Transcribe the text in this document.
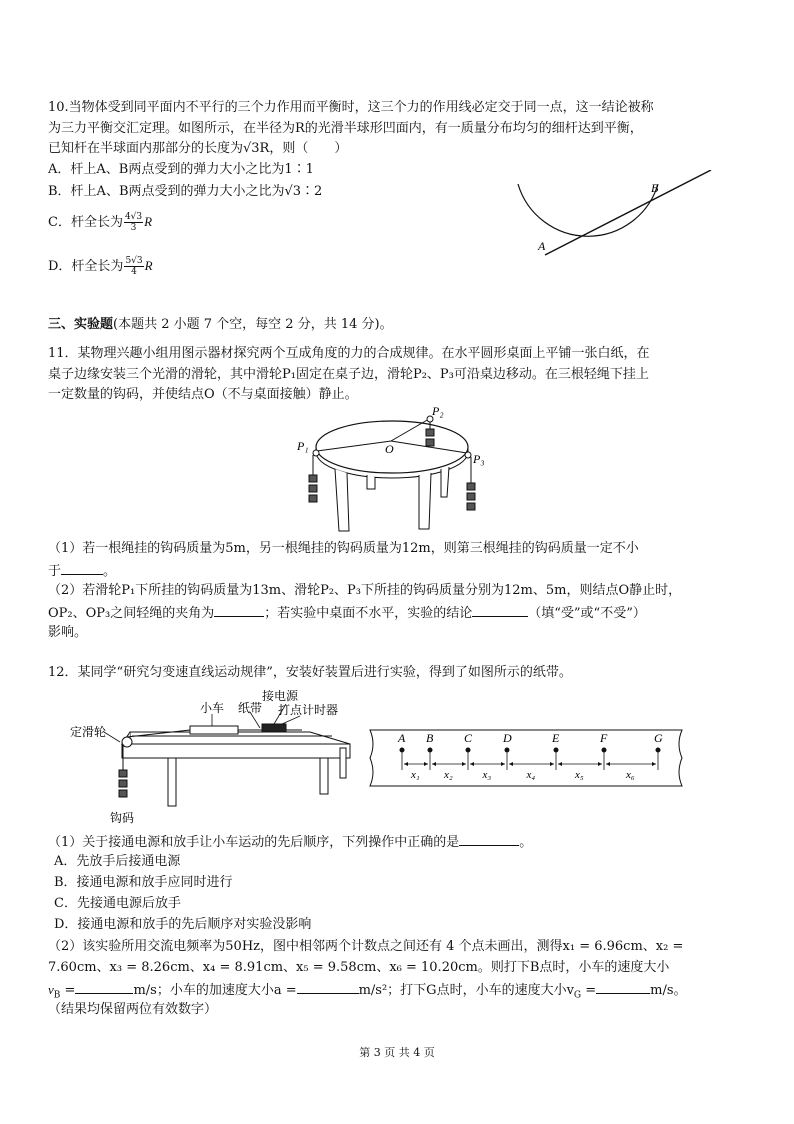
10.当物体受到同平面内不平行的三个力作用而平衡时，这三个力的作用线必定交于同一点，这一结论被称
为三力平衡交汇定理。如图所示，在半径为R的光滑半球形凹面内，有一质量分布均匀的细杆达到平衡，
已知杆在半球面内那部分的长度为√3R，则（　　）
A．杆上A、B两点受到的弹力大小之比为1∶1
B．杆上A、B两点受到的弹力大小之比为√3∶2
C．杆全长为 $\frac{4√3}{3}$ R
D．杆全长为 $\frac{5√3}{4}$ R
A
B
三、实验题(本题共 2 小题 7 个空，每空 2 分，共 14 分)。
11．某物理兴趣小组用图示器材探究两个互成角度的力的合成规律。在水平圆形桌面上平铺一张白纸，在
桌子边缘安装三个光滑的滑轮，其中滑轮P₁固定在桌子边，滑轮P₂、P₃可沿桌边移动。在三根轻绳下挂上
一定数量的钩码，并使结点O（不与桌面接触）静止。
P₁
P₂
P₃
O
（1）若一根绳挂的钩码质量为5m，另一根绳挂的钩码质量为12m，则第三根绳挂的钩码质量一定不小
于	。
（2）若滑轮P₁下所挂的钩码质量为13m、滑轮P₂、P₃下所挂的钩码质量分别为12m、5m，则结点O静止时，
OP₂、OP₃之间轻绳的夹角为	；若实验中桌面不水平，实验的结论	（填“受”或“不受”）
影响。
12．某同学“研究匀变速直线运动规律”，安装好装置后进行实验，得到了如图所示的纸带。
接电源
小车 纸带 打点计时器
定滑轮
钩码
A B	C	D	E	F	G
x₁ x₂	x₃	x₄	x₅	x₆
（1）关于接通电源和放手让小车运动的先后顺序，下列操作中正确的是	。
A．先放手后接通电源
B．接通电源和放手应同时进行
C．先接通电源后放手
D．接通电源和放手的先后顺序对实验没影响
（2）该实验所用交流电频率为50Hz，图中相邻两个计数点之间还有 4 个点未画出，测得x₁ = 6.96cm、x₂ =
7.60cm、x₃ = 8.26cm、x₄ = 8.91cm、x₅ = 9.58cm、x₆ = 10.20cm。则打下B点时，小车的速度大小
$v_B$ =	m/s；小车的加速度大小a =	m/s²；打下G点时，小车的速度大小$v_G$ =	m/s。
（结果均保留两位有效数字）
第 3 页 共 4 页
